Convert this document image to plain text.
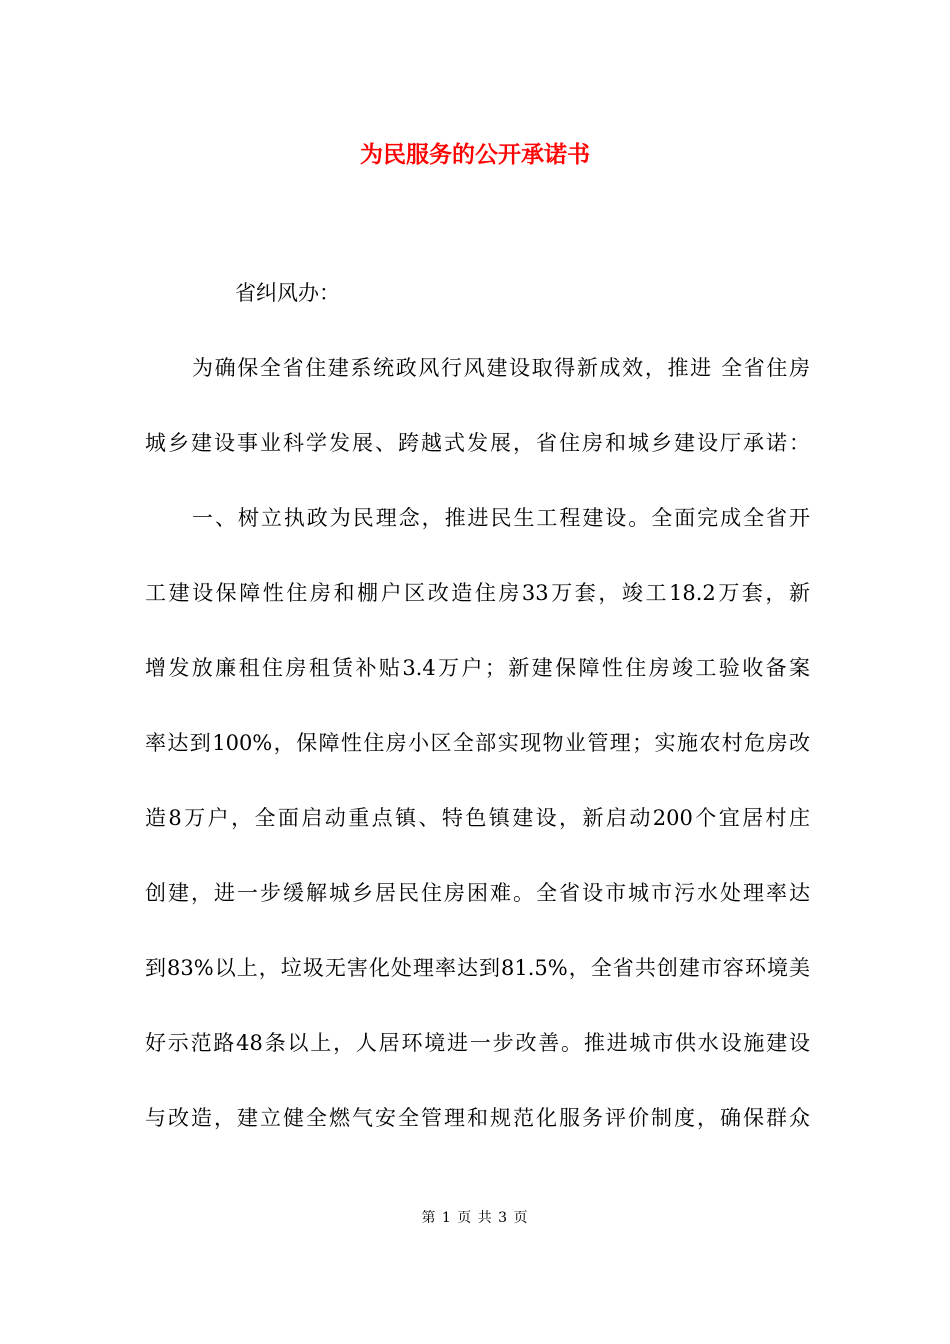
为民服务的公开承诺书
省纠风办：
为确保全省住建系统政风行风建设取得新成效，推进 全省住房
城乡建设事业科学发展、跨越式发展，省住房和城乡建设厅承诺：
一、树立执政为民理念，推进民生工程建设。全面完成全省开
工建设保障性住房和棚户区改造住房33万套，竣工18.2万套，新
增发放廉租住房租赁补贴3.4万户；新建保障性住房竣工验收备案
率达到100%，保障性住房小区全部实现物业管理；实施农村危房改
造8万户，全面启动重点镇、特色镇建设，新启动200个宜居村庄
创建，进一步缓解城乡居民住房困难。全省设市城市污水处理率达
到83%以上，垃圾无害化处理率达到81.5%，全省共创建市容环境美
好示范路48条以上，人居环境进一步改善。推进城市供水设施建设
与改造，建立健全燃气安全管理和规范化服务评价制度，确保群众
第 1 页 共 3 页
